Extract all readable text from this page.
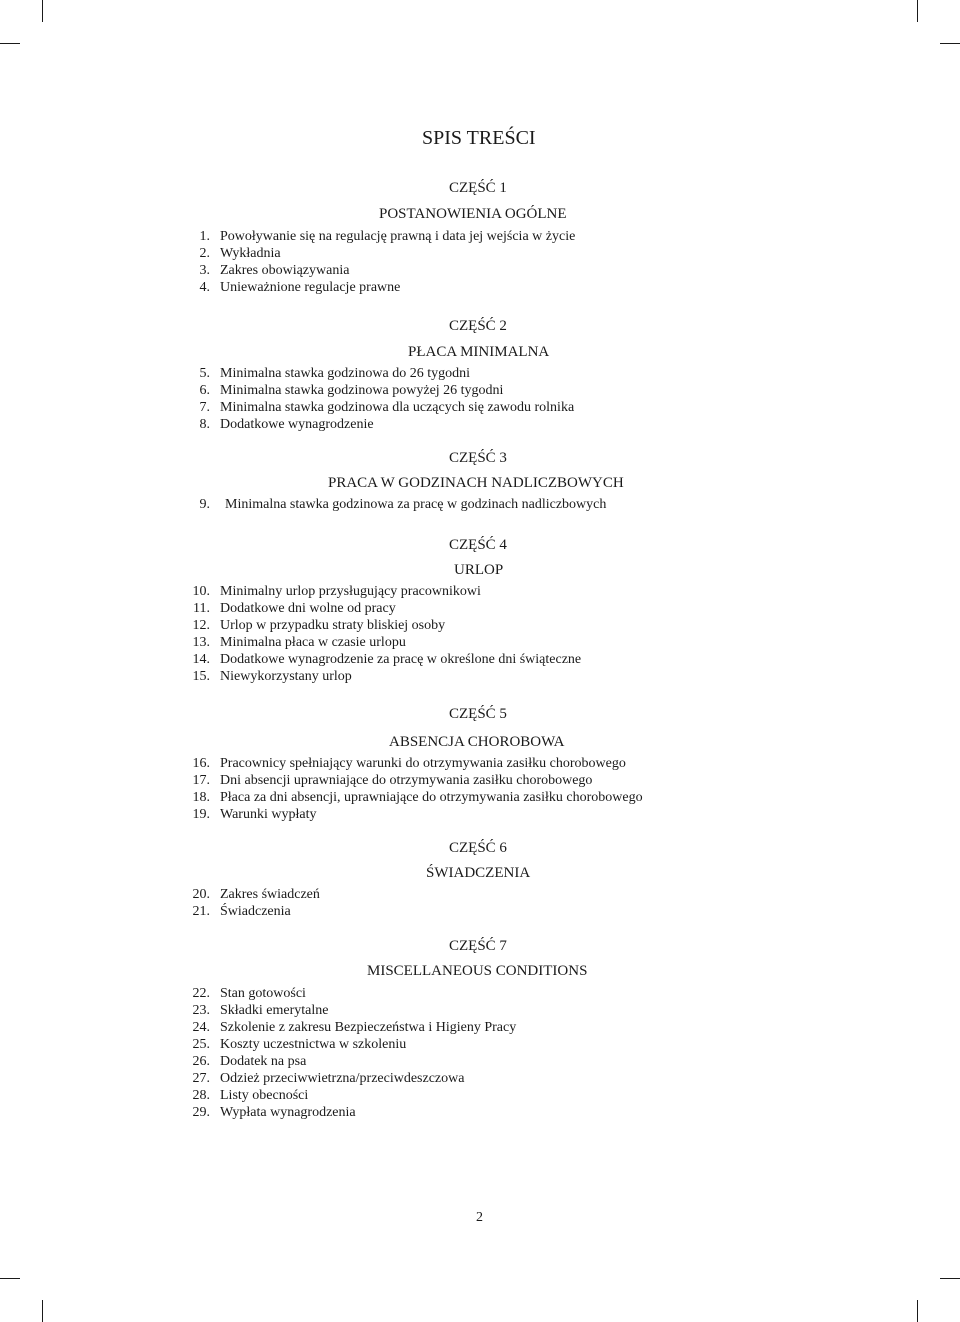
SPIS TREŚCI
CZĘŚĆ 1
POSTANOWIENIA OGÓLNE
1. Powoływanie się na regulację prawną i data jej wejścia w życie
2. Wykładnia
3. Zakres obowiązywania
4. Unieważnione regulacje prawne
CZĘŚĆ 2
PŁACA MINIMALNA
5. Minimalna stawka godzinowa do 26 tygodni
6. Minimalna stawka godzinowa powyżej 26 tygodni
7. Minimalna stawka godzinowa dla uczących się zawodu rolnika
8. Dodatkowe wynagrodzenie
CZĘŚĆ 3
PRACA W GODZINACH NADLICZBOWYCH
9. Minimalna stawka godzinowa za pracę w godzinach nadliczbowych
CZĘŚĆ 4
URLOP
10. Minimalny urlop przysługujący pracownikowi
11. Dodatkowe dni wolne od pracy
12. Urlop w przypadku straty bliskiej osoby
13. Minimalna płaca w czasie urlopu
14. Dodatkowe wynagrodzenie za pracę w określone dni świąteczne
15. Niewykorzystany urlop
CZĘŚĆ 5
ABSENCJA CHOROBOWA
16. Pracownicy spełniający warunki do otrzymywania zasiłku chorobowego
17. Dni absencji uprawniające do otrzymywania zasiłku chorobowego
18. Płaca za dni absencji, uprawniające do otrzymywania zasiłku chorobowego
19. Warunki wypłaty
CZĘŚĆ 6
ŚWIADCZENIA
20. Zakres świadczeń
21. Świadczenia
CZĘŚĆ 7
MISCELLANEOUS CONDITIONS
22. Stan gotowości
23. Składki emerytalne
24. Szkolenie z zakresu Bezpieczeństwa i Higieny Pracy
25. Koszty uczestnictwa w szkoleniu
26. Dodatek na psa
27. Odzież przeciwwietrzna/przeciwdeszczowa
28. Listy obecności
29. Wypłata wynagrodzenia
2
